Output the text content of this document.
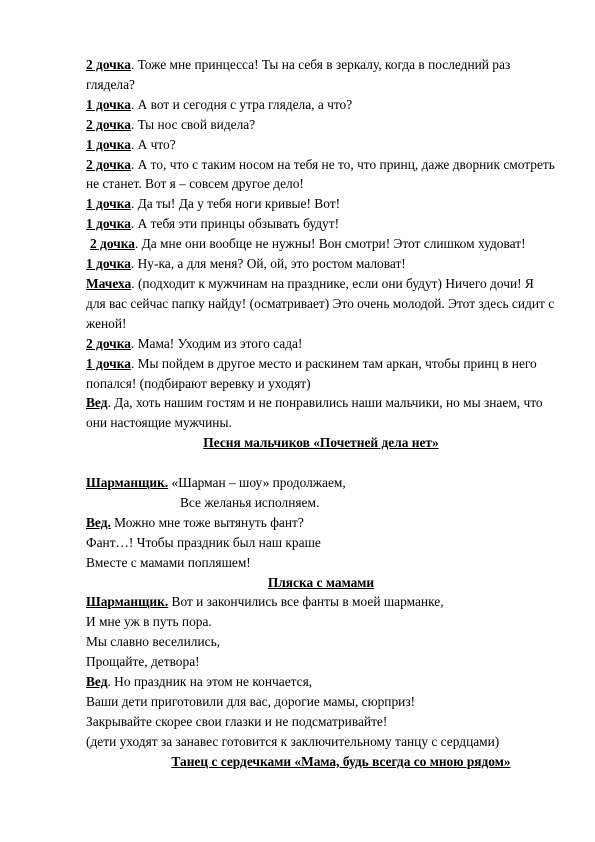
2 дочка. Тоже мне принцесса! Ты на себя в зеркалу, когда в последний раз глядела?

1 дочка. А вот и сегодня с утра глядела, а что?

2 дочка. Ты нос свой видела?

1 дочка. А что?

2 дочка. А то, что с таким носом на тебя не то, что принц, даже дворник смотреть не станет. Вот я – совсем другое дело!

1 дочка. Да ты! Да у тебя ноги кривые! Вот!

1 дочка. А тебя эти принцы обзывать будут!

2 дочка. Да мне они вообще не нужны! Вон смотри! Этот слишком худоват!

1 дочка. Ну-ка, а для меня? Ой, ой, это ростом маловат!

Мачеха. (подходит к мужчинам на празднике, если они будут) Ничего дочи! Я для вас сейчас папку найду! (осматривает) Это очень молодой. Этот здесь сидит с женой!

2 дочка. Мама! Уходим из этого сада!

1 дочка. Мы пойдем в другое место и раскинем там аркан, чтобы принц в него попался! (подбирают веревку и уходят)

Вед. Да, хоть нашим гостям и не понравились наши мальчики, но мы знаем, что они настоящие мужчины.

Песня мальчиков «Почетней дела нет»

Шарманщик. «Шарман – шоу» продолжаем,

Все желанья исполняем.

Вед. Можно мне тоже вытянуть фант?

Фант…! Чтобы праздник был наш краше

Вместе с мамами попляшем!

Пляска с мамами

Шарманщик. Вот и закончились все фанты в моей шарманке,

И мне уж в путь пора.

Мы славно веселились,

Прощайте, детвора!

Вед. Но праздник на этом не кончается,

Ваши дети приготовили для вас, дорогие мамы, сюрприз!

Закрывайте скорее свои глазки и не подсматривайте!

(дети уходят за занавес готовится к заключительному танцу с сердцами)

Танец с сердечками «Мама, будь всегда со мною рядом»
